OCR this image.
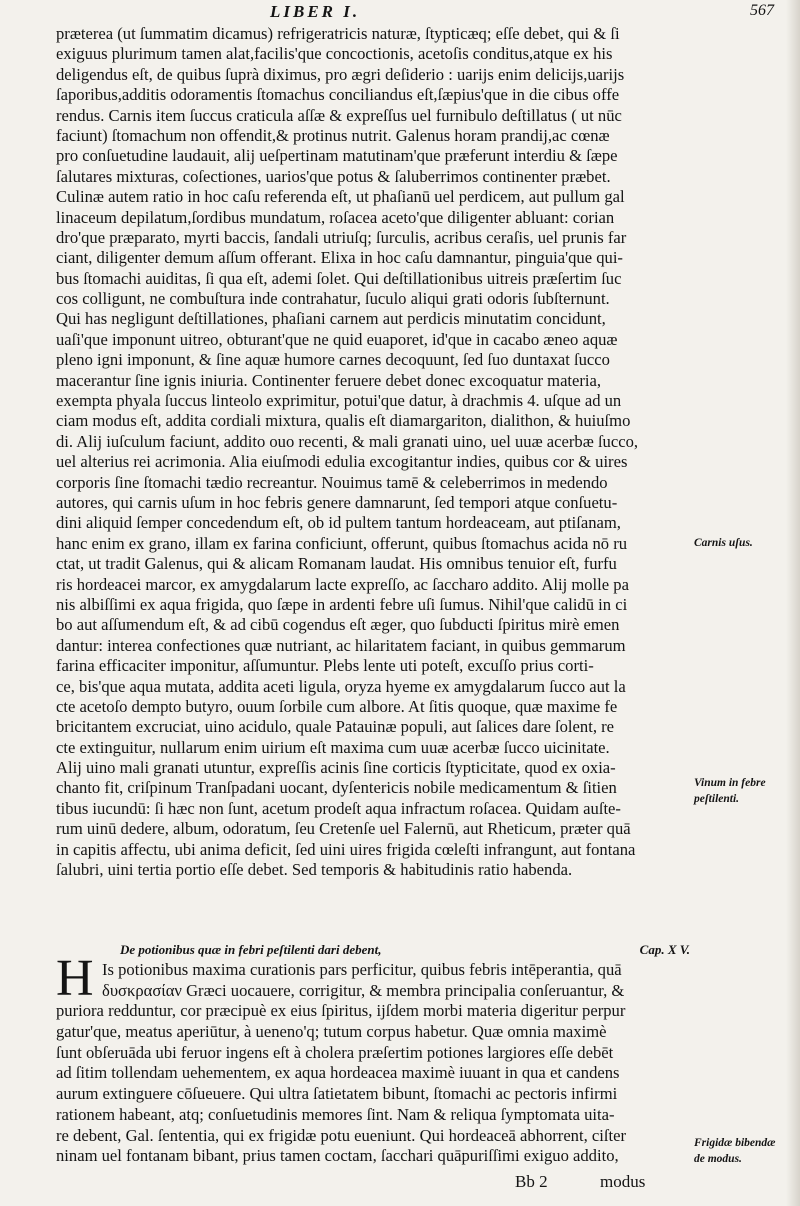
LIBER I.	567
præterea (ut ſummatim dicamus) refrigeratricis naturæ, ſtypticæq; eſſe debet, qui & ſi
exiguus plurimum tamen alat,facilis'que concoctionis, acetoſis conditus,atque ex his
deligendus eſt, de quibus ſuprà diximus, pro ægri deſiderio : uarijs enim delicijs,uarijs
ſaporibus,additis odoramentis ſtomachus conciliandus eſt,ſæpius'que in die cibus offe
rendus. Carnis item ſuccus craticula aſſæ & expreſſus uel furnibulo deſtillatus ( ut nūc
faciunt) ſtomachum non offendit,& protinus nutrit. Galenus horam prandij,ac cœnæ
pro conſuetudine laudauit, alij ueſpertinam matutinam'que præferunt interdiu & ſæpe
ſalutares mixturas, coſectiones, uarios'que potus & ſaluberrimos continenter præbet.
Culinæ autem ratio in hoc caſu referenda eſt, ut phaſianū uel perdicem, aut pullum gal
linaceum depilatum,ſordibus mundatum, roſacea aceto'que diligenter abluant: corian
dro'que præparato, myrti baccis, ſandali utriuſq; ſurculis, acribus ceraſis, uel prunis far
ciant, diligenter demum aſſum offerant. Elixa in hoc caſu damnantur, pinguia'que qui-
bus ſtomachi auiditas, ſi qua eſt, ademi ſolet. Qui deſtillationibus uitreis præſertim ſuc
cos colligunt, ne combuſtura inde contrahatur, ſuculo aliqui grati odoris ſubſternunt.
Qui has negligunt deſtillationes, phaſiani carnem aut perdicis minutatim concidunt,
uaſi'que imponunt uitreo, obturant'que ne quid euaporet, id'que in cacabo æneo aquæ
pleno igni imponunt, & ſine aquæ humore carnes decoquunt, ſed ſuo duntaxat ſucco
macerantur ſine ignis iniuria. Continenter feruere debet donec excoquatur materia,
exempta phyala ſuccus linteolo exprimitur, potui'que datur, à drachmis 4. uſque ad un
ciam modus eſt, addita cordiali mixtura, qualis eſt diamargariton, dialithon, & huiuſmo
di. Alij iuſculum faciunt, addito ouo recenti, & mali granati uino, uel uuæ acerbæ ſucco,
uel alterius rei acrimonia. Alia eiuſmodi edulia excogitantur indies, quibus cor & uires
corporis ſine ſtomachi tædio recreantur. Nouimus tamē & celeberrimos in medendo
autores, qui carnis uſum in hoc febris genere damnarunt, ſed tempori atque conſuetu-
dini aliquid ſemper concedendum eſt, ob id pultem tantum hordeaceam, aut ptiſanam,
hanc enim ex grano, illam ex farina conficiunt, offerunt, quibus ſtomachus acida nō ru
ctat, ut tradit Galenus, qui & alicam Romanam laudat. His omnibus tenuior eſt, furfu
ris hordeacei marcor, ex amygdalarum lacte expreſſo, ac ſaccharo addito. Alij molle pa
nis albiſſimi ex aqua frigida, quo ſæpe in ardenti febre uſi ſumus. Nihil'que calidū in ci
bo aut aſſumendum eſt, & ad cibū cogendus eſt æger, quo ſubducti ſpiritus mirè emen
dantur: interea confectiones quæ nutriant, ac hilaritatem faciant, in quibus gemmarum
farina efficaciter imponitur, aſſumuntur. Plebs lente uti poteſt, excuſſo prius corti-
ce, bis'que aqua mutata, addita aceti ligula, oryza hyeme ex amygdalarum ſucco aut la
cte acetoſo dempto butyro, ouum ſorbile cum albore. At ſitis quoque, quæ maxime fe
bricitantem excruciat, uino acidulo, quale Patauinæ populi, aut ſalices dare ſolent, re
cte extinguitur, nullarum enim uirium eſt maxima cum uuæ acerbæ ſucco uicinitate.
Alij uino mali granati utuntur, expreſſis acinis ſine corticis ſtypticitate, quod ex oxia-
chanto fit, criſpinum Tranſpadani uocant, dyſentericis nobile medicamentum & ſitien
tibus iucundū: ſi hæc non ſunt, acetum prodeſt aqua infractum roſacea. Quidam auſte-
rum uinū dedere, album, odoratum, ſeu Cretenſe uel Falernū, aut Rheticum, præter quā
in capitis affectu, ubi anima deficit, ſed uini uires frigida cœleſti infrangunt, aut fontana
ſalubri, uini tertia portio eſſe debet. Sed temporis & habitudinis ratio habenda.
De potionibus quæ in febri peſtilenti dari debent,	Cap. X V.
H Is potionibus maxima curationis pars perficitur, quibus febris intēperantia, quā
δυσκρασίαν Græci uocauere, corrigitur, & membra principalia conſeruantur, &
puriora redduntur, cor præcipuè ex eius ſpiritus, ijſdem morbi materia digeritur perpur
gatur'que, meatus aperiūtur, à ueneno'q; tutum corpus habetur. Quæ omnia maximè
ſunt obſeruāda ubi feruor ingens eſt à cholera præſertim potiones largiores eſſe debēt
ad ſitim tollendam uehementem, ex aqua hordeacea maximè iuuant in qua et candens
aurum extinguere cōſueuere. Qui ultra ſatietatem bibunt, ſtomachi ac pectoris infirmi
rationem habeant, atq; conſuetudinis memores ſint. Nam & reliqua ſymptomata uita-
re debent, Gal. ſententia, qui ex frigidæ potu eueniunt. Qui hordeaceā abhorrent, ciſter
ninam uel fontanam bibant, prius tamen coctam, ſacchari quāpuriſſimi exiguo addito,
Carnis uſus.
Vinum in febre
peſtilenti.
Frigidæ bibendæ
de modus.
Bb 2	modus
